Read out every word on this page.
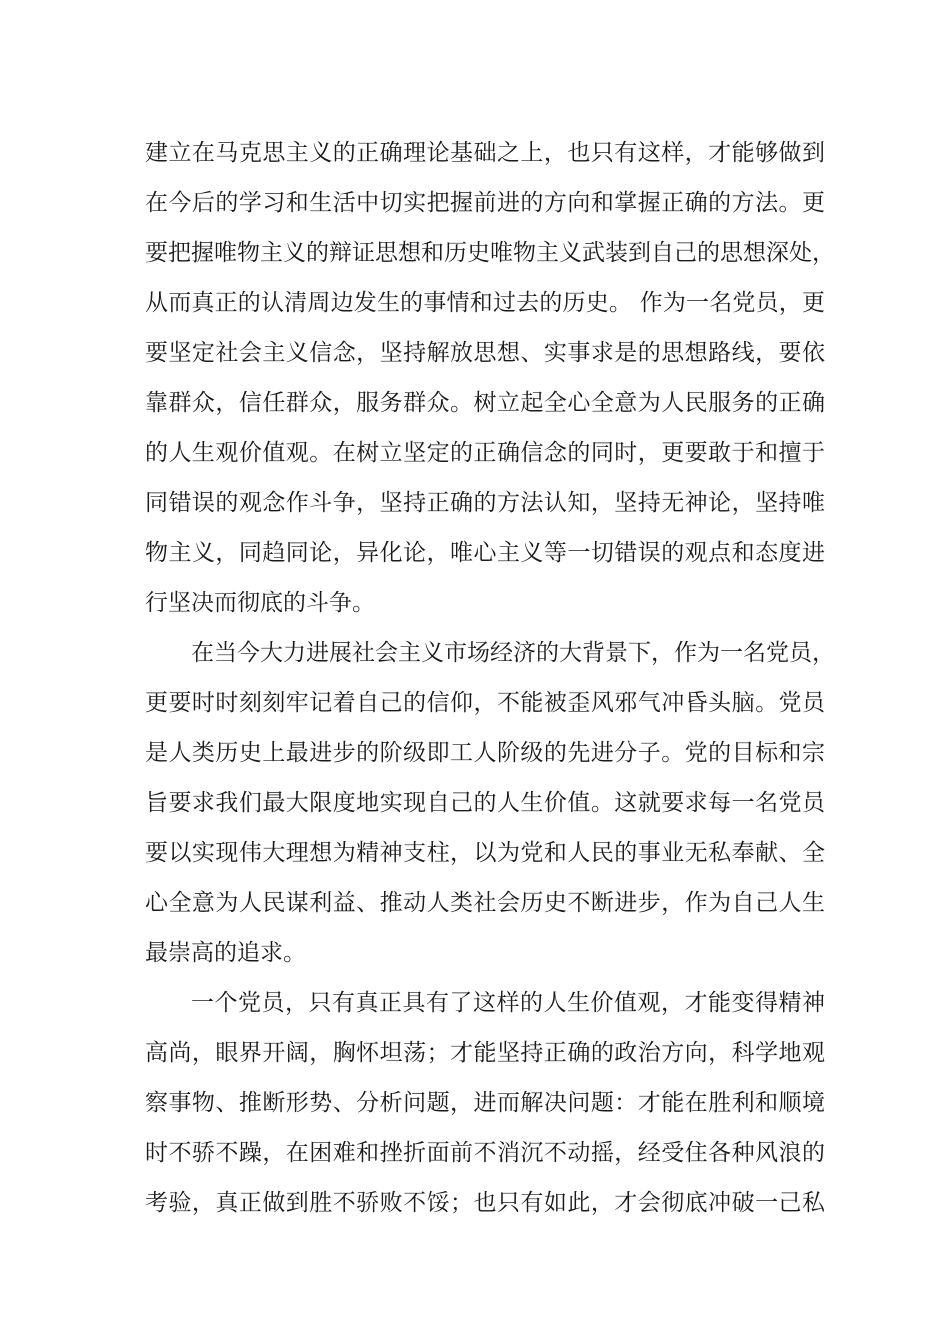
建立在马克思主义的正确理论基础之上，也只有这样，才能够做到
在今后的学习和生活中切实把握前进的方向和掌握正确的方法。更
要把握唯物主义的辩证思想和历史唯物主义武装到自己的思想深处，
从而真正的认清周边发生的事情和过去的历史。 作为一名党员，更
要坚定社会主义信念，坚持解放思想、实事求是的思想路线，要依
靠群众，信任群众，服务群众。树立起全心全意为人民服务的正确
的人生观价值观。在树立坚定的正确信念的同时，更要敢于和擅于
同错误的观念作斗争，坚持正确的方法认知，坚持无神论，坚持唯
物主义，同趋同论，异化论，唯心主义等一切错误的观点和态度进
行坚决而彻底的斗争。
在当今大力进展社会主义市场经济的大背景下，作为一名党员，
更要时时刻刻牢记着自己的信仰，不能被歪风邪气冲昏头脑。党员
是人类历史上最进步的阶级即工人阶级的先进分子。党的目标和宗
旨要求我们最大限度地实现自己的人生价值。这就要求每一名党员
要以实现伟大理想为精神支柱，以为党和人民的事业无私奉献、全
心全意为人民谋利益、推动人类社会历史不断进步，作为自己人生
最崇高的追求。
一个党员，只有真正具有了这样的人生价值观，才能变得精神
高尚，眼界开阔，胸怀坦荡；才能坚持正确的政治方向，科学地观
察事物、推断形势、分析问题，进而解决问题：才能在胜利和顺境
时不骄不躁，在困难和挫折面前不消沉不动摇，经受住各种风浪的
考验，真正做到胜不骄败不馁；也只有如此，才会彻底冲破一己私
